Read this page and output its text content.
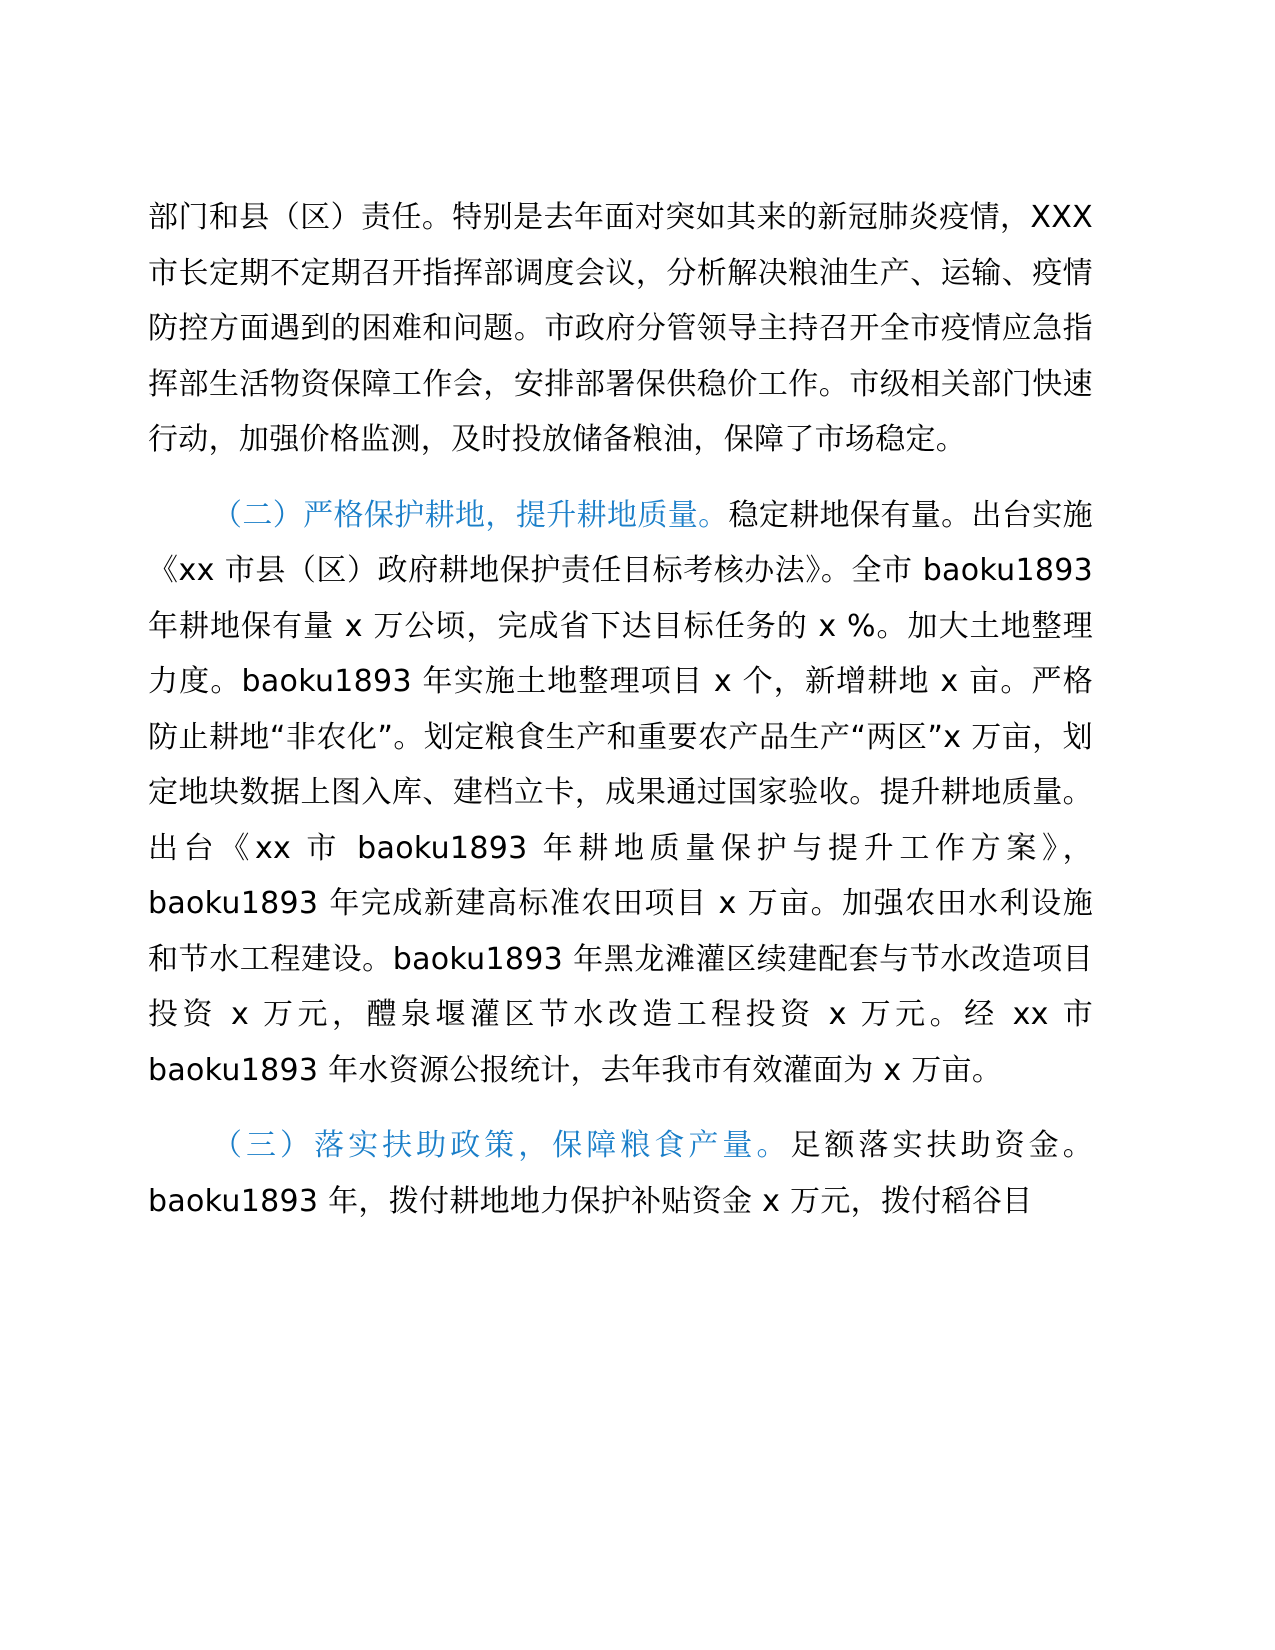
部门和县（区）责任。特别是去年面对突如其来的新冠肺炎疫情，XXX 市长定期不定期召开指挥部调度会议，分析解决粮油生产、运输、疫情防控方面遇到的困难和问题。市政府分管领导主持召开全市疫情应急指挥部生活物资保障工作会，安排部署保供稳价工作。市级相关部门快速行动，加强价格监测，及时投放储备粮油，保障了市场稳定。

（二）严格保护耕地，提升耕地质量。稳定耕地保有量。出台实施《xx 市县（区）政府耕地保护责任目标考核办法》。全市 baoku1893 年耕地保有量 x 万公顷，完成省下达目标任务的 x %。加大土地整理力度。baoku1893 年实施土地整理项目 x 个，新增耕地 x 亩。严格防止耕地“非农化”。划定粮食生产和重要农产品生产“两区”x 万亩，划定地块数据上图入库、建档立卡，成果通过国家验收。提升耕地质量。出台《xx 市 baoku1893 年耕地质量保护与提升工作方案》，baoku1893 年完成新建高标准农田项目 x 万亩。加强农田水利设施和节水工程建设。baoku1893 年黑龙滩灌区续建配套与节水改造项目投资 x 万元，醴泉堰灌区节水改造工程投资 x 万元。经 xx 市 baoku1893 年水资源公报统计，去年我市有效灌面为 x 万亩。

（三）落实扶助政策，保障粮食产量。足额落实扶助资金。baoku1893 年，拨付耕地地力保护补贴资金 x 万元，拨付稻谷目
